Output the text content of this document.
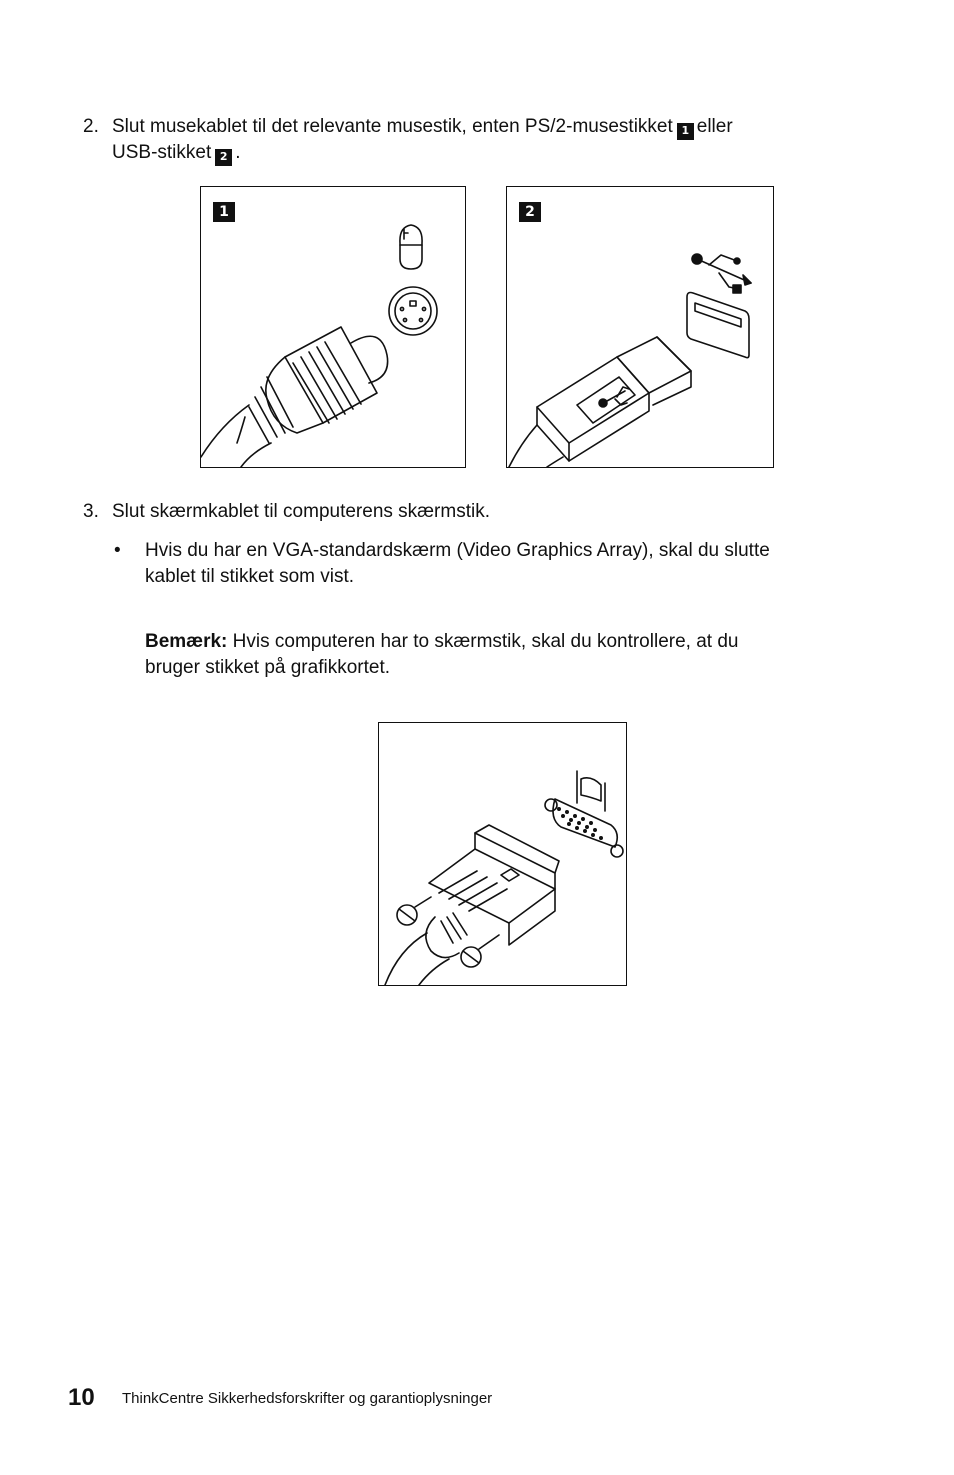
2. Slut musekablet til det relevante musestik, enten PS/2-musestikket 1 eller
USB-stikket 2 .
1	2
3. Slut skærmkablet til computerens skærmstik.
• Hvis du har en VGA-standardskærm (Video Graphics Array), skal du slutte
kablet til stikket som vist.
Bemærk: Hvis computeren har to skærmstik, skal du kontrollere, at du
bruger stikket på grafikkortet.
10 ThinkCentre Sikkerhedsforskrifter og garantioplysninger
